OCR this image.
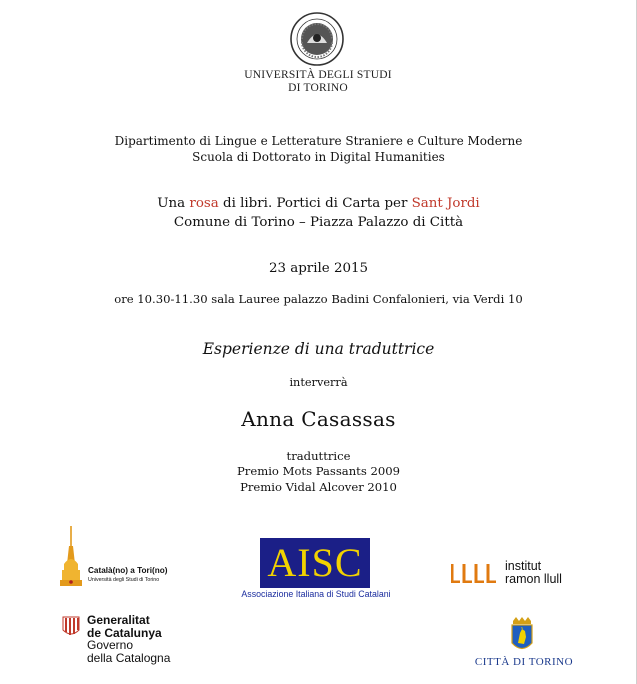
UNIVERSITÀ DEGLI STUDI
DI TORINO
Dipartimento di Lingue e Letterature Straniere e Culture Moderne
Scuola di Dottorato in Digital Humanities
Una rosa di libri. Portici di Carta per Sant Jordi
Comune di Torino – Piazza Palazzo di Città
23 aprile 2015
ore 10.30-11.30 sala Lauree palazzo Badini Confalonieri, via Verdi 10
Esperienze di una traduttrice
interverrà
Anna Casassas
traduttrice
Premio Mots Passants 2009
Premio Vidal Alcover 2010
Català(no) a Tori(no)
Università degli Studi di Torino	AISC
Associazione Italiana di Studi Catalani
institut
ramon llull
Generalitat
de Catalunya
Governo
della Catalogna	CITTÀ DI TORINO
